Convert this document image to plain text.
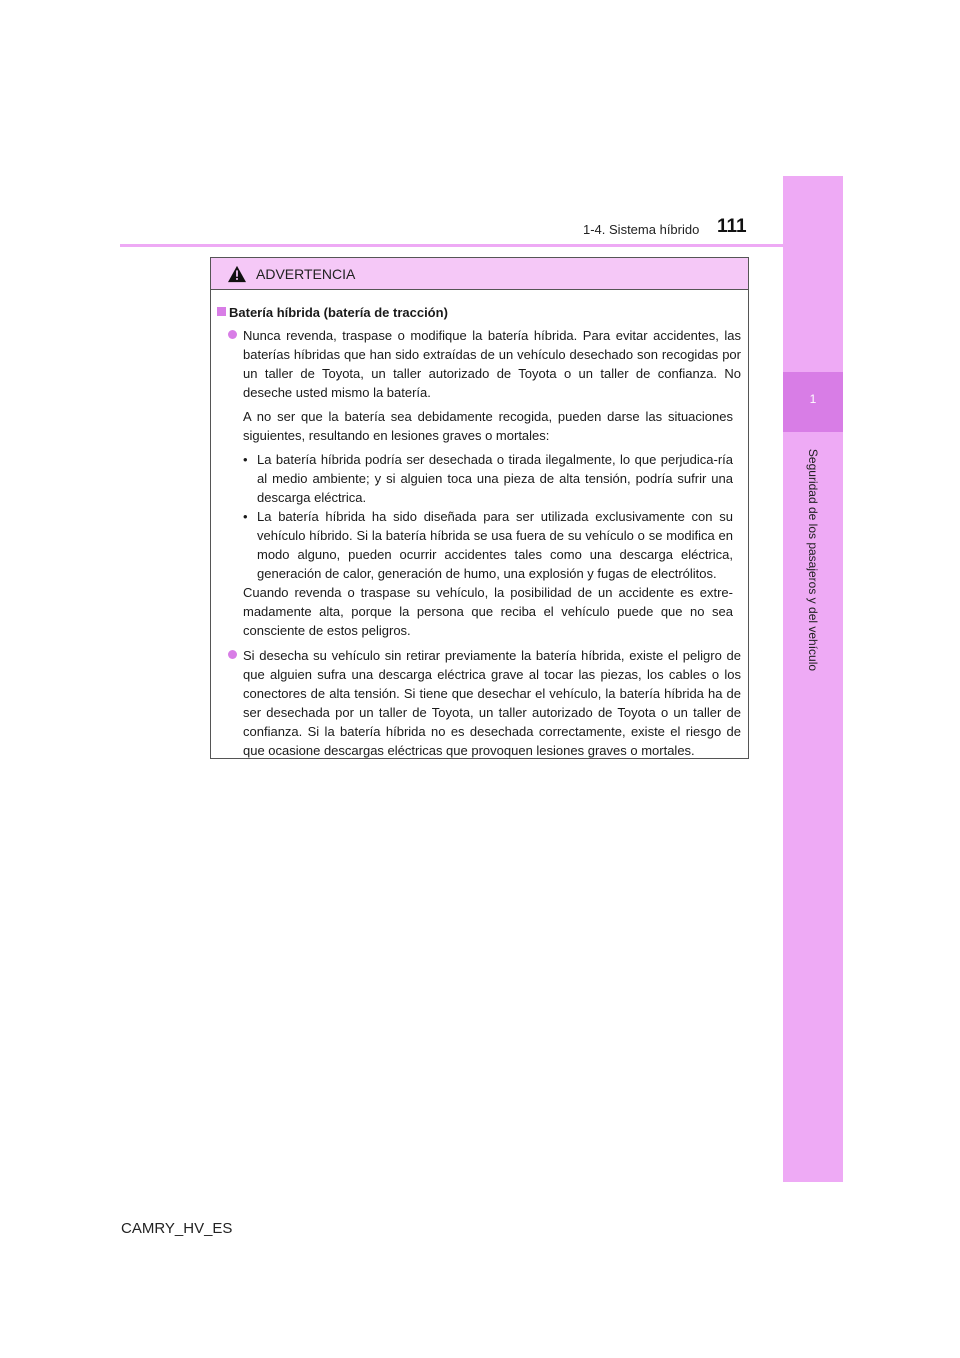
1
Seguridad de los pasajeros y del vehículo
1-4. Sistema híbrido 111
ADVERTENCIA
Batería híbrida (batería de tracción)
Nunca revenda, traspase o modifique la batería híbrida. Para evitar accidentes, las baterías híbridas que han sido extraídas de un vehículo desechado son recogidas por un taller de Toyota, un taller autorizado de Toyota o un taller de confianza. No deseche usted mismo la batería.
A no ser que la batería sea debidamente recogida, pueden darse las situaciones siguientes, resultando en lesiones graves o mortales:
• La batería híbrida podría ser desechada o tirada ilegalmente, lo que perjudica-ría al medio ambiente; y si alguien toca una pieza de alta tensión, podría sufrir una descarga eléctrica.
• La batería híbrida ha sido diseñada para ser utilizada exclusivamente con su vehículo híbrido. Si la batería híbrida se usa fuera de su vehículo o se modifica en modo alguno, pueden ocurrir accidentes tales como una descarga eléctrica, generación de calor, generación de humo, una explosión y fugas de electrólitos.
Cuando revenda o traspase su vehículo, la posibilidad de un accidente es extre-madamente alta, porque la persona que reciba el vehículo puede que no sea consciente de estos peligros.
Si desecha su vehículo sin retirar previamente la batería híbrida, existe el peligro de que alguien sufra una descarga eléctrica grave al tocar las piezas, los cables o los conectores de alta tensión. Si tiene que desechar el vehículo, la batería híbrida ha de ser desechada por un taller de Toyota, un taller autorizado de Toyota o un taller de confianza. Si la batería híbrida no es desechada correctamente, existe el riesgo de que ocasione descargas eléctricas que provoquen lesiones graves o mortales.
CAMRY_HV_ES
